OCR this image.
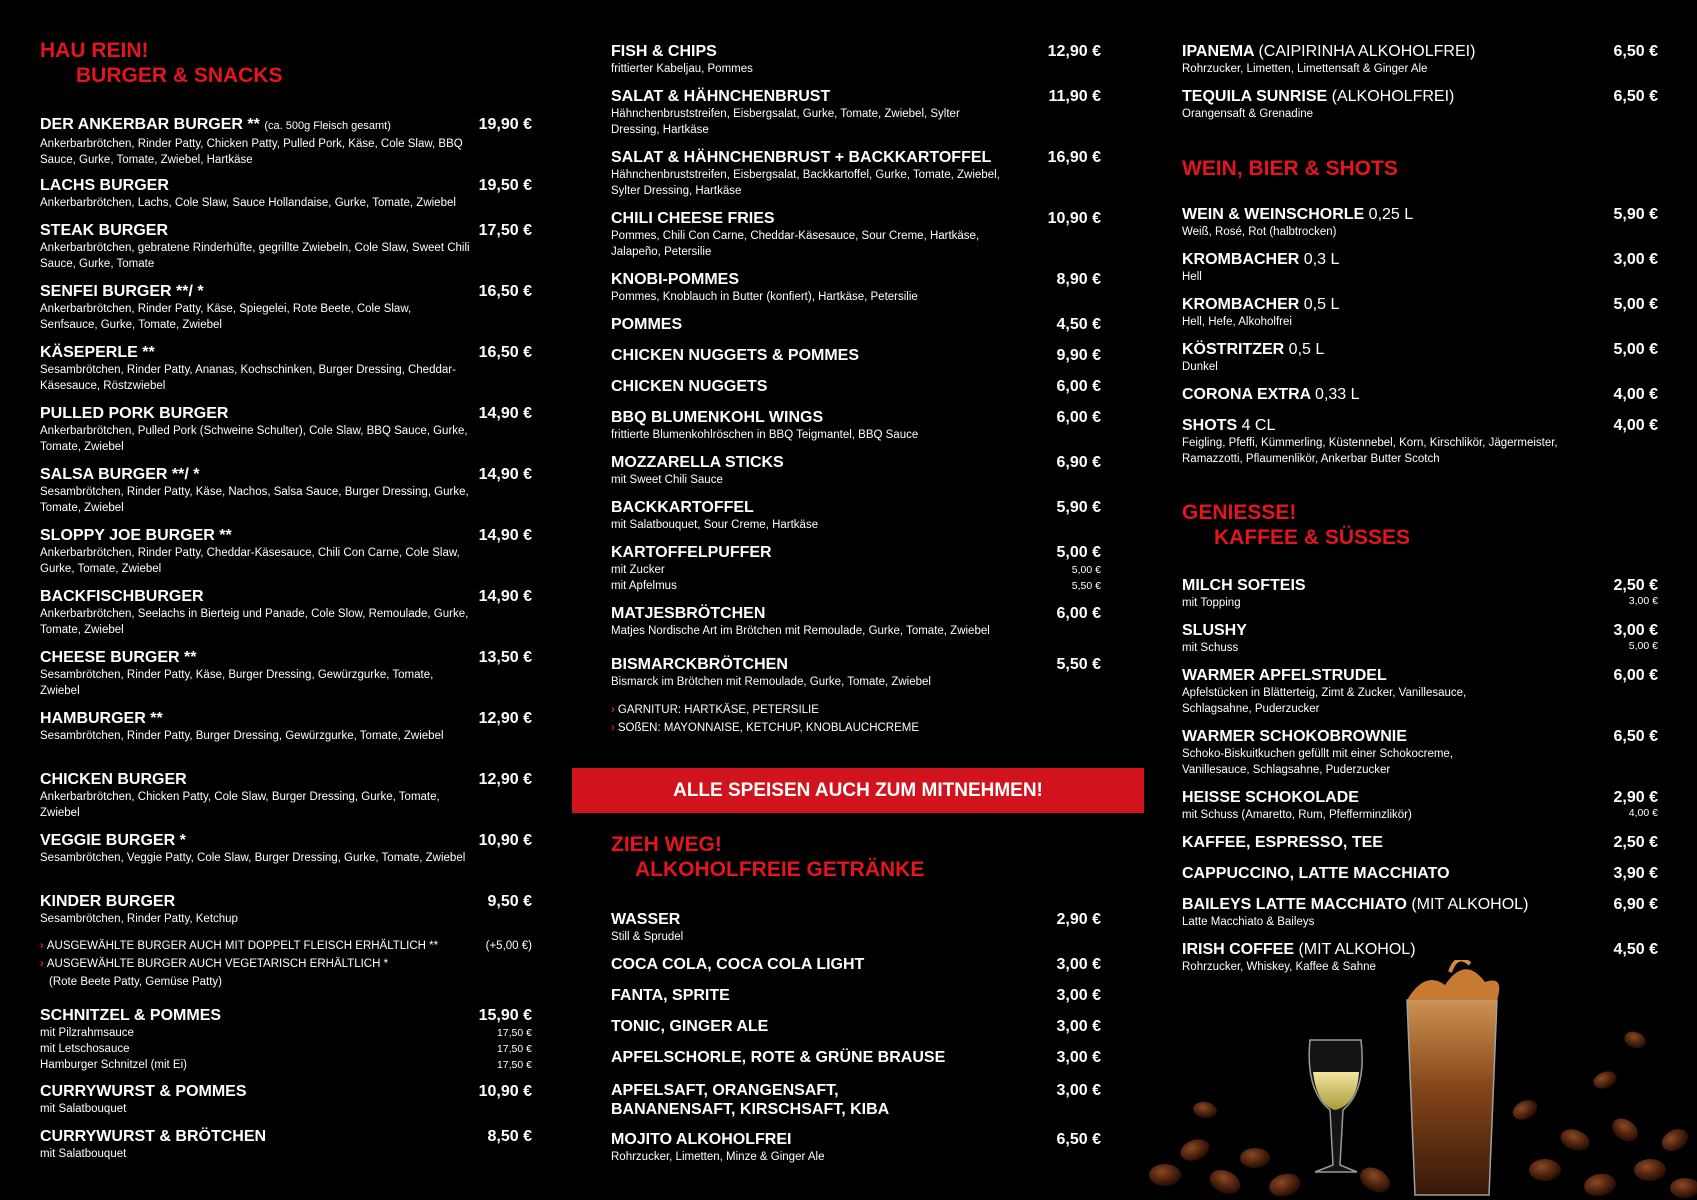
HAU REIN!
BURGER & SNACKS
DER ANKERBAR BURGER ** (ca. 500g Fleisch gesamt)	19,90 €
Ankerbarbrötchen, Rinder Patty, Chicken Patty, Pulled Pork, Käse, Cole Slaw, BBQ Sauce, Gurke, Tomate, Zwiebel, Hartkäse
LACHS BURGER	19,50 €
Ankerbarbrötchen, Lachs, Cole Slaw, Sauce Hollandaise, Gurke, Tomate, Zwiebel
STEAK BURGER	17,50 €
Ankerbarbrötchen, gebratene Rinderhüfte, gegrillte Zwiebeln, Cole Slaw, Sweet Chili Sauce, Gurke, Tomate
SENFEI BURGER **/ *	16,50 €
Ankerbarbrötchen, Rinder Patty, Käse, Spiegelei, Rote Beete, Cole Slaw, Senfsauce, Gurke, Tomate, Zwiebel
KÄSEPERLE **	16,50 €
Sesambrötchen, Rinder Patty, Ananas, Kochschinken, Burger Dressing, Cheddar-Käsesauce, Röstzwiebel
PULLED PORK BURGER	14,90 €
Ankerbarbrötchen, Pulled Pork (Schweine Schulter), Cole Slaw, BBQ Sauce, Gurke, Tomate, Zwiebel
SALSA BURGER **/ *	14,90 €
Sesambrötchen, Rinder Patty, Käse, Nachos, Salsa Sauce, Burger Dressing, Gurke, Tomate, Zwiebel
SLOPPY JOE BURGER **	14,90 €
Ankerbarbrötchen, Rinder Patty, Cheddar-Käsesauce, Chili Con Carne, Cole Slaw, Gurke, Tomate, Zwiebel
BACKFISCHBURGER	14,90 €
Ankerbarbrötchen, Seelachs in Bierteig und Panade, Cole Slow, Remoulade, Gurke, Tomate, Zwiebel
CHEESE BURGER **	13,50 €
Sesambrötchen, Rinder Patty, Käse, Burger Dressing, Gewürzgurke, Tomate, Zwiebel
HAMBURGER **	12,90 €
Sesambrötchen, Rinder Patty, Burger Dressing, Gewürzgurke, Tomate, Zwiebel
CHICKEN BURGER	12,90 €
Ankerbarbrötchen, Chicken Patty, Cole Slaw, Burger Dressing, Gurke, Tomate, Zwiebel
VEGGIE BURGER *	10,90 €
Sesambrötchen, Veggie Patty, Cole Slaw, Burger Dressing, Gurke, Tomate, Zwiebel
KINDER BURGER	9,50 €
Sesambrötchen, Rinder Patty, Ketchup
› AUSGEWÄHLTE BURGER AUCH MIT DOPPELT FLEISCH ERHÄLTLICH **	(+5,00 €)
› AUSGEWÄHLTE BURGER AUCH VEGETARISCH ERHÄLTLICH *
(Rote Beete Patty, Gemüse Patty)
SCHNITZEL & POMMES	15,90 €
mit Pilzrahmsauce	17,50 €
mit Letschosauce	17,50 €
Hamburger Schnitzel (mit Ei)	17,50 €
CURRYWURST & POMMES	10,90 €
mit Salatbouquet
CURRYWURST & BRÖTCHEN	8,50 €
mit Salatbouquet
FISH & CHIPS	12,90 €
frittierter Kabeljau, Pommes
SALAT & HÄHNCHENBRUST	11,90 €
Hähnchenbruststreifen, Eisbergsalat, Gurke, Tomate, Zwiebel, Sylter Dressing, Hartkäse
SALAT & HÄHNCHENBRUST + BACKKARTOFFEL	16,90 €
Hähnchenbruststreifen, Eisbergsalat, Backkartoffel, Gurke, Tomate, Zwiebel, Sylter Dressing, Hartkäse
CHILI CHEESE FRIES	10,90 €
Pommes, Chili Con Carne, Cheddar-Käsesauce, Sour Creme, Hartkäse, Jalapeño, Petersilie
KNOBI-POMMES	8,90 €
Pommes, Knoblauch in Butter (konfiert), Hartkäse, Petersilie
POMMES	4,50 €
CHICKEN NUGGETS & POMMES	9,90 €
CHICKEN NUGGETS	6,00 €
BBQ BLUMENKOHL WINGS	6,00 €
frittierte Blumenkohlröschen in BBQ Teigmantel, BBQ Sauce
MOZZARELLA STICKS	6,90 €
mit Sweet Chili Sauce
BACKKARTOFFEL	5,90 €
mit Salatbouquet, Sour Creme, Hartkäse
KARTOFFELPUFFER	5,00 €
mit Zucker	5,00 €
mit Apfelmus	5,50 €
MATJESBRÖTCHEN	6,00 €
Matjes Nordische Art im Brötchen mit Remoulade, Gurke, Tomate, Zwiebel
BISMARCKBRÖTCHEN	5,50 €
Bismarck im Brötchen mit Remoulade, Gurke, Tomate, Zwiebel
› GARNITUR: HARTKÄSE, PETERSILIE
› SOßEN: MAYONNAISE, KETCHUP, KNOBLAUCHCREME
ZIEH WEG!
ALKOHOLFREIE GETRÄNKE
WASSER	2,90 €
Still & Sprudel
COCA COLA, COCA COLA LIGHT	3,00 €
FANTA, SPRITE	3,00 €
TONIC, GINGER ALE	3,00 €
APFELSCHORLE, ROTE & GRÜNE BRAUSE	3,00 €
APFELSAFT, ORANGENSAFT, BANANENSAFT, KIRSCHSAFT, KIBA
3,00 €
MOJITO ALKOHOLFREI	6,50 €
Rohrzucker, Limetten, Minze & Ginger Ale
ALLE SPEISEN AUCH ZUM MITNEHMEN!
IPANEMA (CAIPIRINHA ALKOHOLFREI)	6,50 €
Rohrzucker, Limetten, Limettensaft & Ginger Ale
TEQUILA SUNRISE (ALKOHOLFREI)	6,50 €
Orangensaft & Grenadine
WEIN, BIER & SHOTS
WEIN & WEINSCHORLE 0,25 L	5,90 €
Weiß, Rosé, Rot (halbtrocken)
KROMBACHER 0,3 L	3,00 €
Hell
KROMBACHER 0,5 L	5,00 €
Hell, Hefe, Alkoholfrei
KÖSTRITZER 0,5 L	5,00 €
Dunkel
CORONA EXTRA 0,33 L	4,00 €
SHOTS 4 CL	4,00 €
Feigling, Pfeffi, Kümmerling, Küstennebel, Korn, Kirschlikör, Jägermeister, Ramazzotti, Pflaumenlikör, Ankerbar Butter Scotch
GENIESSE!
KAFFEE & SÜSSES
MILCH SOFTEIS	2,50 €
mit Topping	3,00 €
SLUSHY	3,00 €
mit Schuss	5,00 €
WARMER APFELSTRUDEL	6,00 €
Apfelstücken in Blätterteig, Zimt & Zucker, Vanillesauce, Schlagsahne, Puderzucker
WARMER SCHOKOBROWNIE	6,50 €
Schoko-Biskuitkuchen gefüllt mit einer Schokocreme, Vanillesauce, Schlagsahne, Puderzucker
HEISSE SCHOKOLADE	2,90 €
mit Schuss (Amaretto, Rum, Pfefferminzlikör)	4,00 €
KAFFEE, ESPRESSO, TEE	2,50 €
CAPPUCCINO, LATTE MACCHIATO	3,90 €
BAILEYS LATTE MACCHIATO (MIT ALKOHOL)	6,90 €
Latte Macchiato & Baileys
IRISH COFFEE (MIT ALKOHOL)	4,50 €
Rohrzucker, Whiskey, Kaffee & Sahne
